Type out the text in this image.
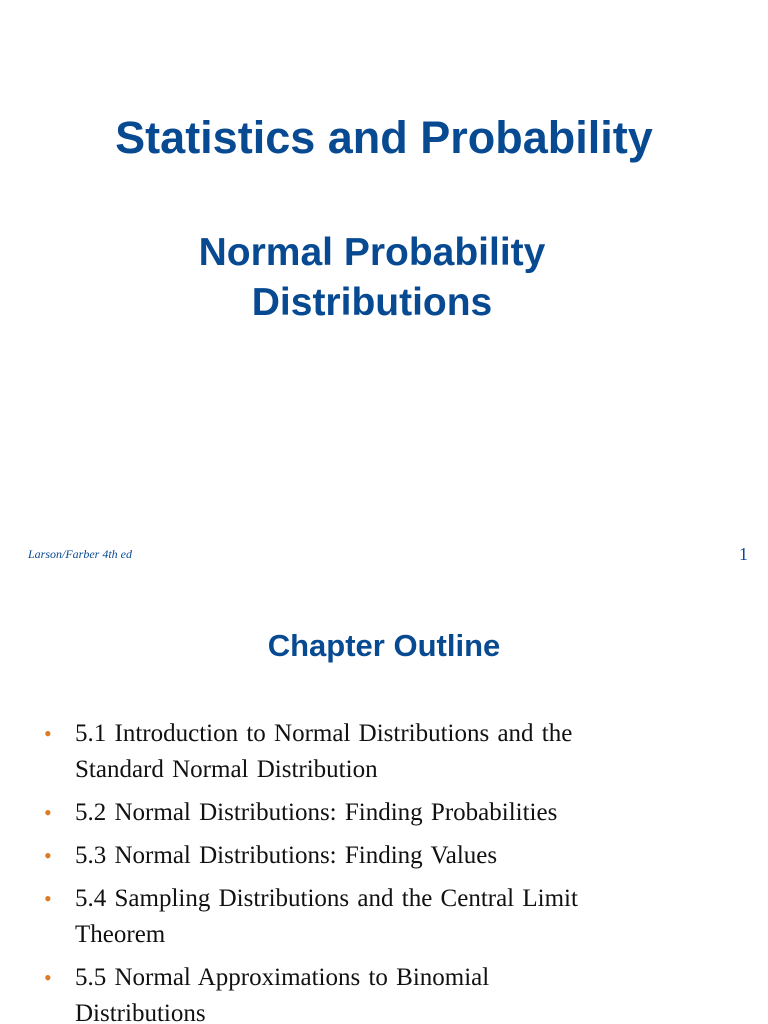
Statistics and Probability
Normal Probability
Distributions
Larson/Farber 4th ed	1
Chapter Outline
• 5.1 Introduction to Normal Distributions and the
Standard Normal Distribution
• 5.2 Normal Distributions: Finding Probabilities
• 5.3 Normal Distributions: Finding Values
• 5.4 Sampling Distributions and the Central Limit
Theorem
• 5.5 Normal Approximations to Binomial
Distributions
